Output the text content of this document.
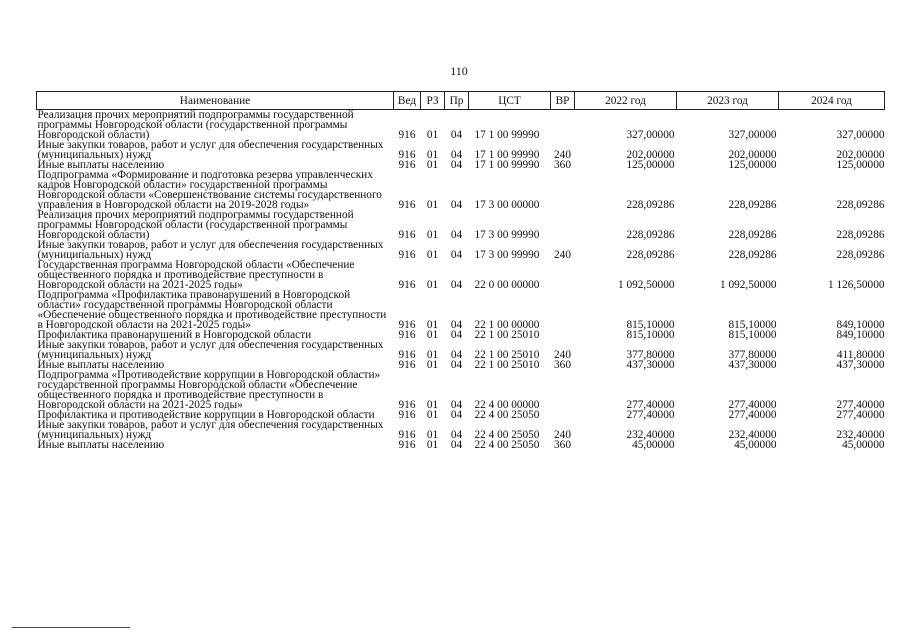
110
Наименование	Вед	РЗ	Пр	ЦСТ	ВР	2022 год	2023 год	2024 год
Реализация прочих мероприятий подпрограммы государственной программы Новгородской области (государственной программы Новгородской области)	916	01	04	17 1 00 99990		327,00000	327,00000	327,00000
Иные закупки товаров, работ и услуг для обеспечения государственных (муниципальных) нужд	916	01	04	17 1 00 99990	240	202,00000	202,00000	202,00000
Иные выплаты населению	916	01	04	17 1 00 99990	360	125,00000	125,00000	125,00000
Подпрограмма «Формирование и подготовка резерва управленческих кадров Новгородской области» государственной программы Новгородской области «Совершенствование системы государственного управления в Новгородской области на 2019-2028 годы»	916	01	04	17 3 00 00000		228,09286	228,09286	228,09286
Реализация прочих мероприятий подпрограммы государственной программы Новгородской области (государственной программы Новгородской области)	916	01	04	17 3 00 99990		228,09286	228,09286	228,09286
Иные закупки товаров, работ и услуг для обеспечения государственных (муниципальных) нужд	916	01	04	17 3 00 99990	240	228,09286	228,09286	228,09286
Государственная программа Новгородской области «Обеспечение общественного порядка и противодействие преступности в Новгородской области на 2021-2025 годы»	916	01	04	22 0 00 00000		1 092,50000	1 092,50000	1 126,50000
Подпрограмма «Профилактика правонарушений в Новгородской области» государственной программы Новгородской области «Обеспечение общественного порядка и противодействие преступности в Новгородской области на 2021-2025 годы»	916	01	04	22 1 00 00000		815,10000	815,10000	849,10000
Профилактика правонарушений в Новгородской области	916	01	04	22 1 00 25010		815,10000	815,10000	849,10000
Иные закупки товаров, работ и услуг для обеспечения государственных (муниципальных) нужд	916	01	04	22 1 00 25010	240	377,80000	377,80000	411,80000
Иные выплаты населению	916	01	04	22 1 00 25010	360	437,30000	437,30000	437,30000
Подпрограмма «Противодействие коррупции в Новгородской области» государственной программы Новгородской области «Обеспечение общественного порядка и противодействие преступности в Новгородской области на 2021-2025 годы»	916	01	04	22 4 00 00000		277,40000	277,40000	277,40000
Профилактика и противодействие коррупции в Новгородской области	916	01	04	22 4 00 25050		277,40000	277,40000	277,40000
Иные закупки товаров, работ и услуг для обеспечения государственных (муниципальных) нужд	916	01	04	22 4 00 25050	240	232,40000	232,40000	232,40000
Иные выплаты населению	916	01	04	22 4 00 25050	360	45,00000	45,00000	45,00000
